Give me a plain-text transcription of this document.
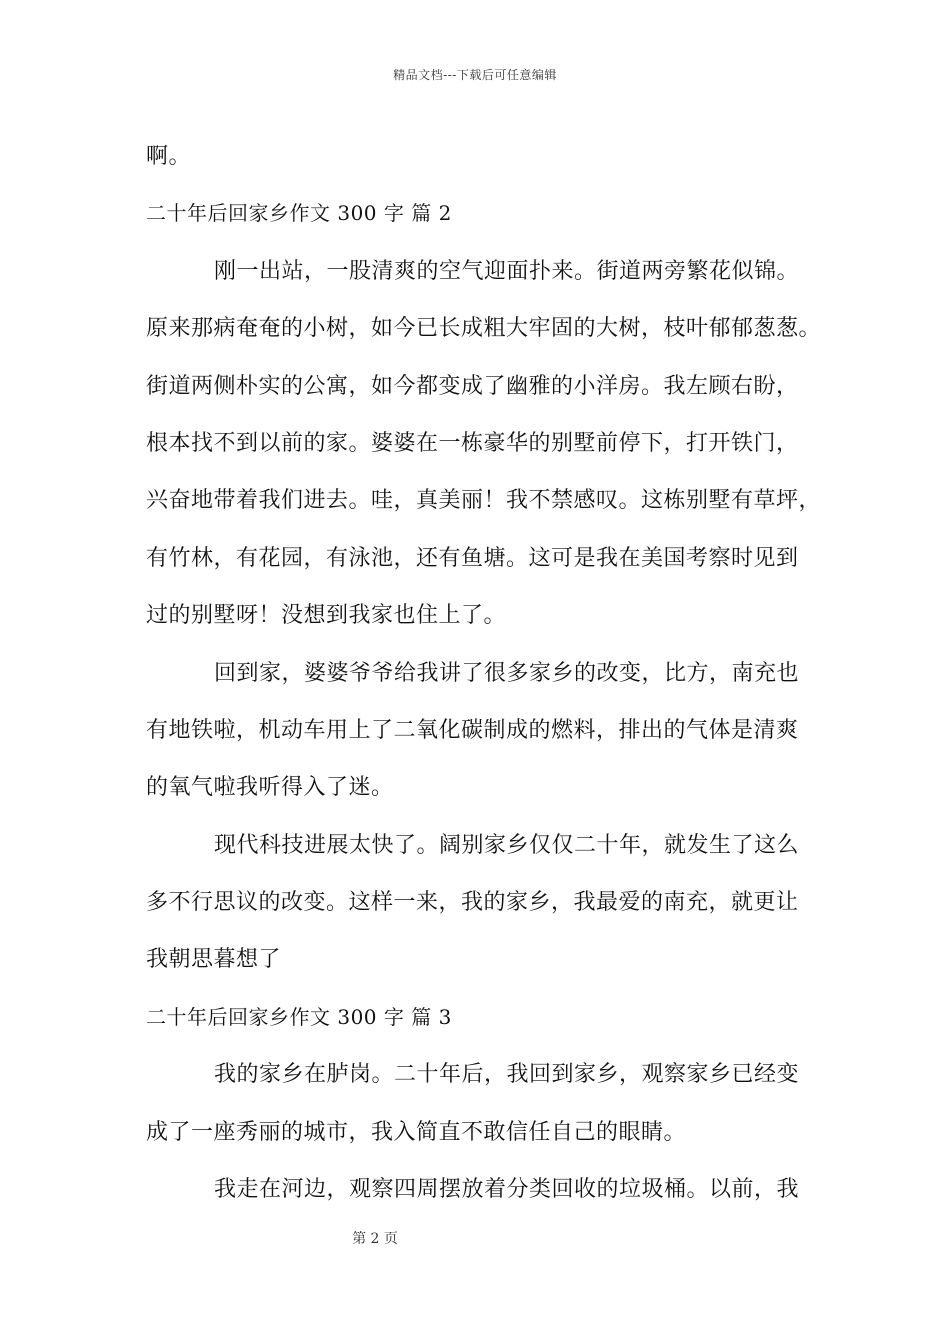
精品文档---下载后可任意编辑
啊。
二十年后回家乡作文 300 字 篇 2
刚一出站，一股清爽的空气迎面扑来。街道两旁繁花似锦。
原来那病奄奄的小树，如今已长成粗大牢固的大树，枝叶郁郁葱葱。
街道两侧朴实的公寓，如今都变成了幽雅的小洋房。我左顾右盼，
根本找不到以前的家。婆婆在一栋豪华的别墅前停下，打开铁门，
兴奋地带着我们进去。哇，真美丽！我不禁感叹。这栋别墅有草坪，
有竹林，有花园，有泳池，还有鱼塘。这可是我在美国考察时见到
过的别墅呀！没想到我家也住上了。
回到家，婆婆爷爷给我讲了很多家乡的改变，比方，南充也
有地铁啦，机动车用上了二氧化碳制成的燃料，排出的气体是清爽
的氧气啦我听得入了迷。
现代科技进展太快了。阔别家乡仅仅二十年，就发生了这么
多不行思议的改变。这样一来，我的家乡，我最爱的南充，就更让
我朝思暮想了
二十年后回家乡作文 300 字 篇 3
我的家乡在胪岗。二十年后，我回到家乡，观察家乡已经变
成了一座秀丽的城市，我入简直不敢信任自己的眼睛。
我走在河边，观察四周摆放着分类回收的垃圾桶。以前，我
第 2 页
